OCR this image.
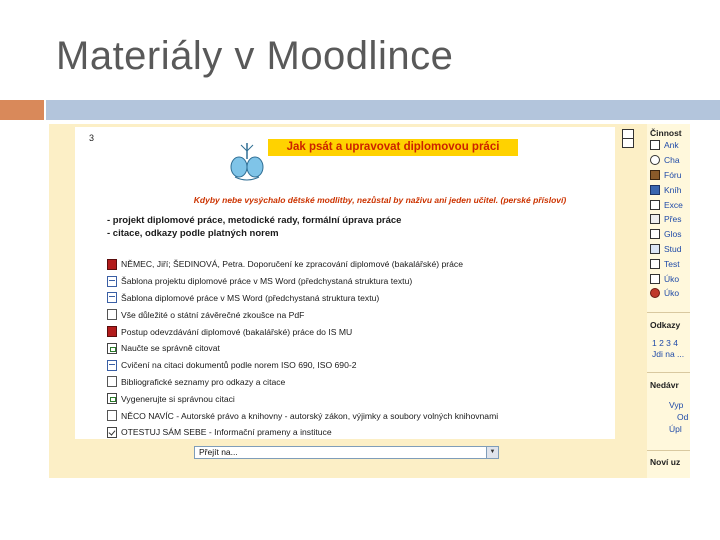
Materiály v Moodlince
3
Jak psát a upravovat diplomovou práci
Kdyby nebe vysýchalo dětské modlitby, nezůstal by naživu ani jeden učitel. (perské přísloví)
- projekt diplomové práce, metodické rady, formální úprava práce
- citace, odkazy podle platných norem
NĚMEC, Jiří; ŠEDINOVÁ, Petra. Doporučení ke zpracování diplomové (bakalářské) práce
Šablona projektu diplomové práce v MS Word (předchystaná struktura textu)
Šablona diplomové práce v MS Word (předchystaná struktura textu)
Vše důležité o státní závěrečné zkoušce na PdF
Postup odevzdávání diplomové (bakalářské) práce do IS MU
Naučte se správně citovat
Cvičení na citaci dokumentů podle norem ISO 690, ISO 690-2
Bibliografické seznamy pro odkazy a citace
Vygenerujte si správnou citaci
NĚCO NAVÍC - Autorské právo a knihovny - autorský zákon, výjimky a soubory volných knihovnami
OTESTUJ SÁM SEBE - Informační prameny a instituce
Přejít na...	▼
Činnost
Ank
Cha
Fóru
Kníh
Exce
Přes
Glos
Stud
Test
Úko
Úko
Odkazy
1 2 3 4
Jdi na ...
Nedávr
Vyp
Od
Úpl
Noví uz
